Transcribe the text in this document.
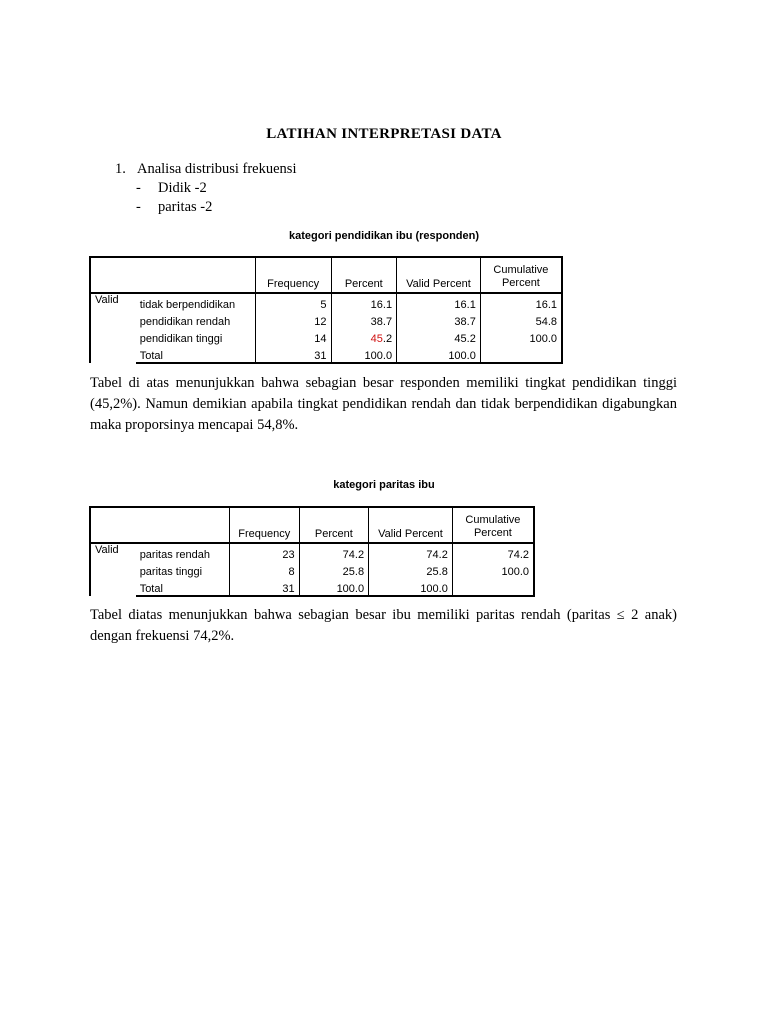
LATIHAN INTERPRETASI DATA
1. Analisa distribusi frekuensi
- Didik -2
- paritas -2
kategori pendidikan ibu (responden)
		Frequency	Percent	Valid Percent	Cumulative Percent
Valid	tidak berpendidikan	5	16.1	16.1	16.1
	pendidikan rendah	12	38.7	38.7	54.8
	pendidikan tinggi	14	45.2	45.2	100.0
	Total	31	100.0	100.0	
Tabel di atas menunjukkan bahwa sebagian besar responden memiliki tingkat pendidikan tinggi (45,2%). Namun demikian apabila tingkat pendidikan rendah dan tidak berpendidikan digabungkan maka proporsinya mencapai 54,8%.
kategori paritas ibu
		Frequency	Percent	Valid Percent	Cumulative Percent
Valid	paritas rendah	23	74.2	74.2	74.2
	paritas tinggi	8	25.8	25.8	100.0
	Total	31	100.0	100.0	
Tabel diatas menunjukkan bahwa sebagian besar ibu memiliki paritas rendah (paritas ≤ 2 anak) dengan frekuensi 74,2%.
